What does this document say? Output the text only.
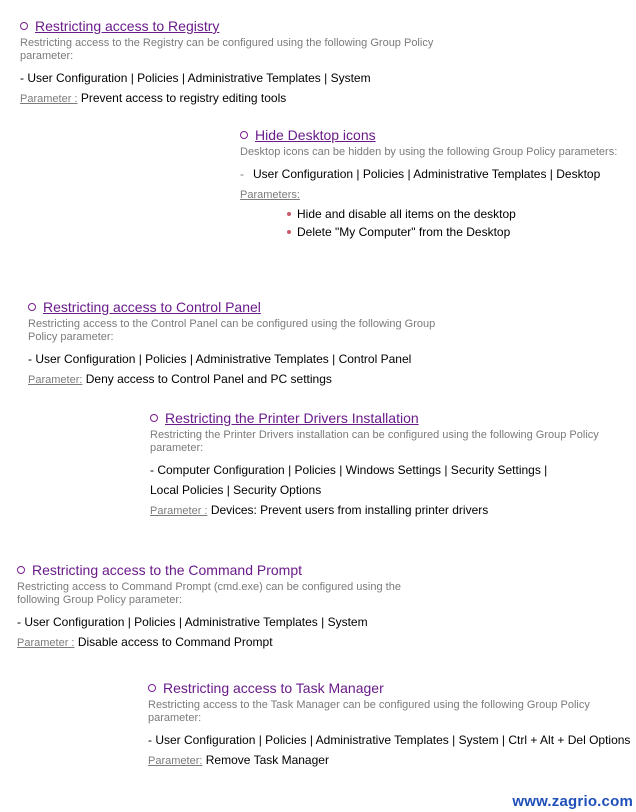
Restricting access to Registry
Restricting access to the Registry can be configured using the following Group Policy parameter:
- User Configuration | Policies | Administrative Templates | System
Parameter : Prevent access to registry editing tools
Hide Desktop icons
Desktop icons can be hidden by using the following Group Policy parameters:
- User Configuration | Policies | Administrative Templates | Desktop
Parameters:
Hide and disable all items on the desktop
Delete "My Computer" from the Desktop
Restricting access to Control Panel
Restricting access to the Control Panel can be configured using the following Group Policy parameter:
- User Configuration | Policies | Administrative Templates | Control Panel
Parameter: Deny access to Control Panel and PC settings
Restricting the Printer Drivers Installation
Restricting the Printer Drivers installation can be configured using the following Group Policy parameter:
- Computer Configuration | Policies | Windows Settings | Security Settings |
Local Policies | Security Options
Parameter : Devices: Prevent users from installing printer drivers
Restricting access to the Command Prompt
Restricting access to Command Prompt (cmd.exe) can be configured using the following Group Policy parameter:
- User Configuration | Policies | Administrative Templates | System
Parameter : Disable access to Command Prompt
Restricting access to Task Manager
Restricting access to the Task Manager can be configured using the following Group Policy parameter:
- User Configuration | Policies | Administrative Templates | System | Ctrl + Alt + Del Options
Parameter: Remove Task Manager
www.zagrio.com
